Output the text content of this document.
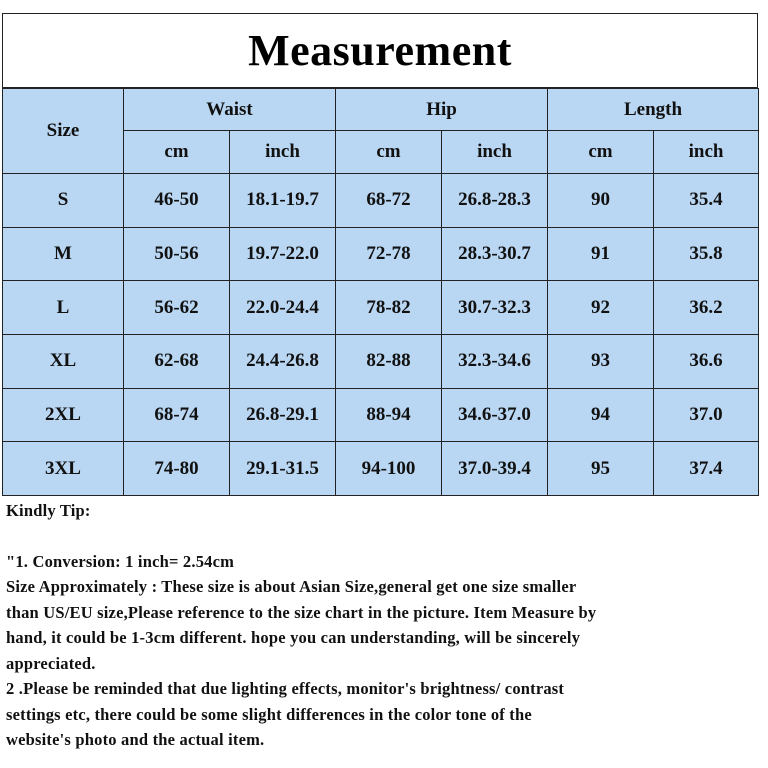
Measurement
Size	Waist		Hip		Length	
	cm	inch	cm	inch	cm	inch
S	46-50	18.1-19.7	68-72	26.8-28.3	90	35.4
M	50-56	19.7-22.0	72-78	28.3-30.7	91	35.8
L	56-62	22.0-24.4	78-82	30.7-32.3	92	36.2
XL	62-68	24.4-26.8	82-88	32.3-34.6	93	36.6
2XL	68-74	26.8-29.1	88-94	34.6-37.0	94	37.0
3XL	74-80	29.1-31.5	94-100	37.0-39.4	95	37.4

Kindly Tip:

"1. Conversion: 1 inch= 2.54cm

Size Approximately : These size is about Asian Size,general get one size smaller

than US/EU size,Please reference to the size chart in the picture. Item Measure by

hand, it could be 1-3cm different. hope you can understanding, will be sincerely

appreciated.

2 .Please be reminded that due lighting effects, monitor's brightness/ contrast

settings etc, there could be some slight differences in the color tone of the

website's photo and the actual item.
